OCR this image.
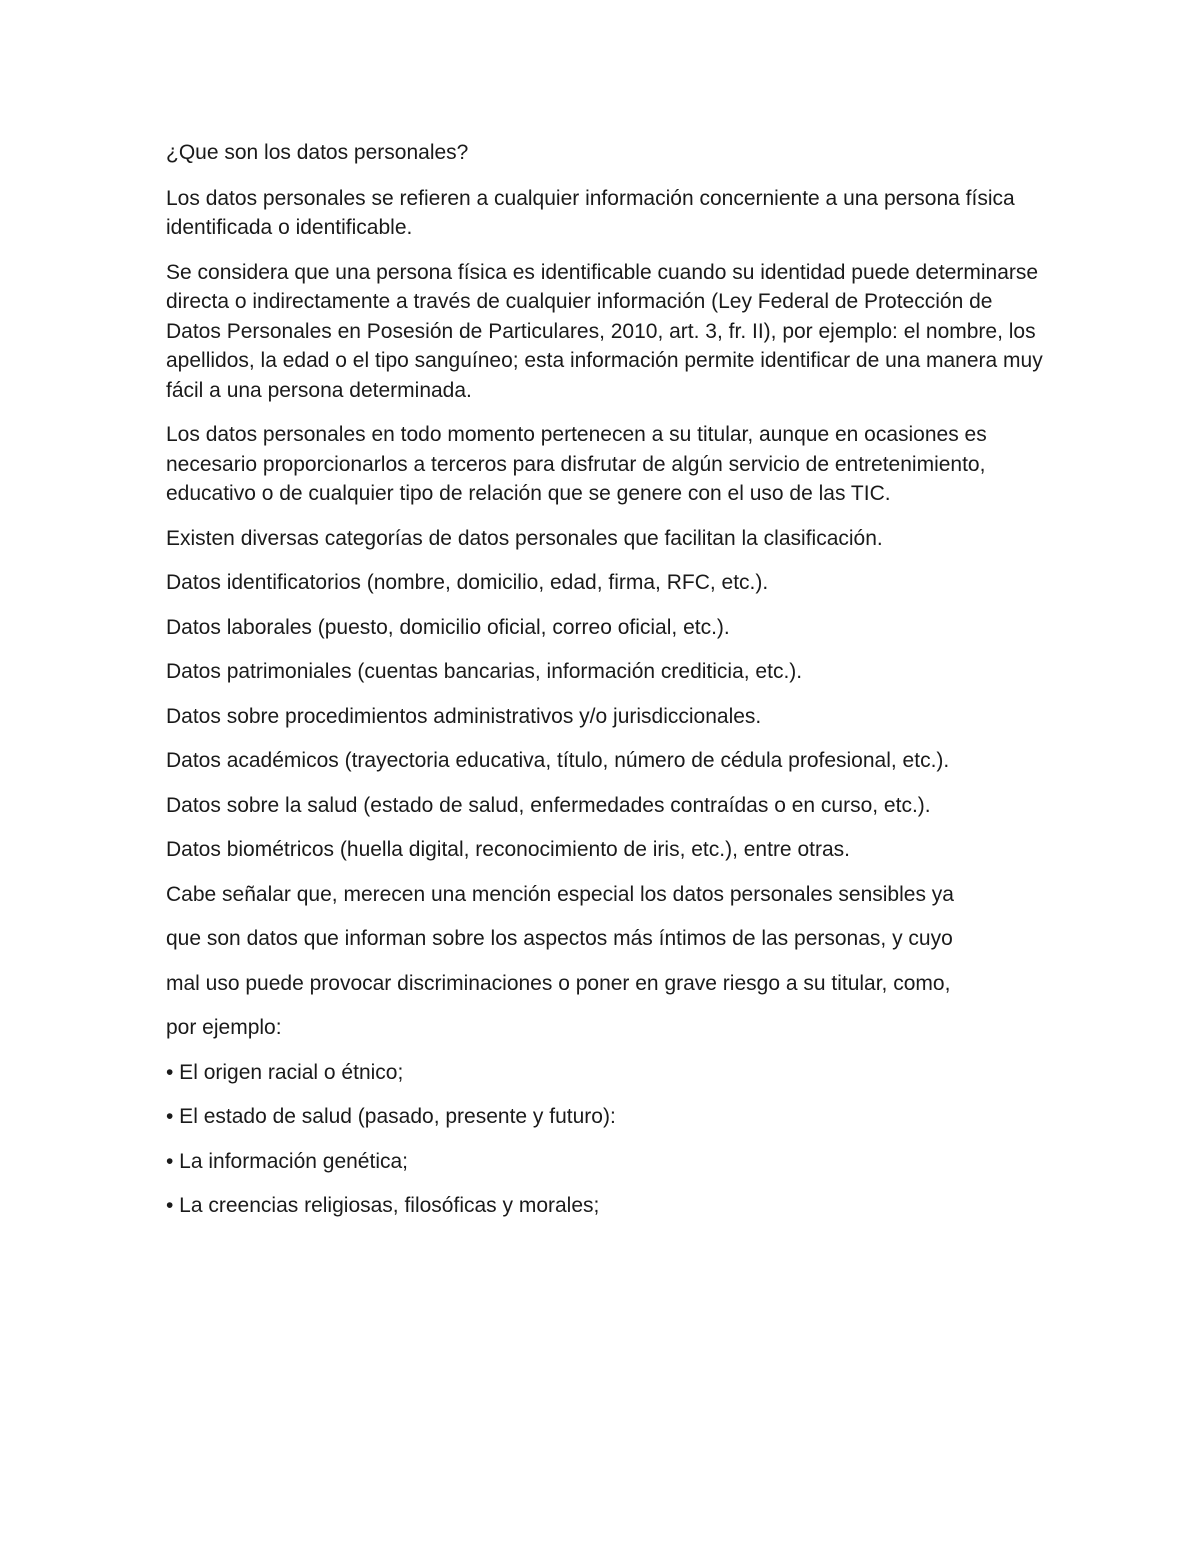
¿Que son los datos personales?

Los datos personales se refieren a cualquier información concerniente a una persona física identificada o identificable.

Se considera que una persona física es identificable cuando su identidad puede determinarse directa o indirectamente a través de cualquier información (Ley Federal de Protección de Datos Personales en Posesión de Particulares, 2010, art. 3, fr. II), por ejemplo: el nombre, los apellidos, la edad o el tipo sanguíneo; esta información permite identificar de una manera muy fácil a una persona determinada.

Los datos personales en todo momento pertenecen a su titular, aunque en ocasiones es necesario proporcionarlos a terceros para disfrutar de algún servicio de entretenimiento, educativo o de cualquier tipo de relación que se genere con el uso de las TIC.

Existen diversas categorías de datos personales que facilitan la clasificación.

Datos identificatorios (nombre, domicilio, edad, firma, RFC, etc.).

Datos laborales (puesto, domicilio oficial, correo oficial, etc.).

Datos patrimoniales (cuentas bancarias, información crediticia, etc.).

Datos sobre procedimientos administrativos y/o jurisdiccionales.

Datos académicos (trayectoria educativa, título, número de cédula profesional, etc.).

Datos sobre la salud (estado de salud, enfermedades contraídas o en curso, etc.).

Datos biométricos (huella digital, reconocimiento de iris, etc.), entre otras.

Cabe señalar que, merecen una mención especial los datos personales sensibles ya

que son datos que informan sobre los aspectos más íntimos de las personas, y cuyo

mal uso puede provocar discriminaciones o poner en grave riesgo a su titular, como,

por ejemplo:

• El origen racial o étnico;

• El estado de salud (pasado, presente y futuro):

• La información genética;

• La creencias religiosas, filosóficas y morales;
